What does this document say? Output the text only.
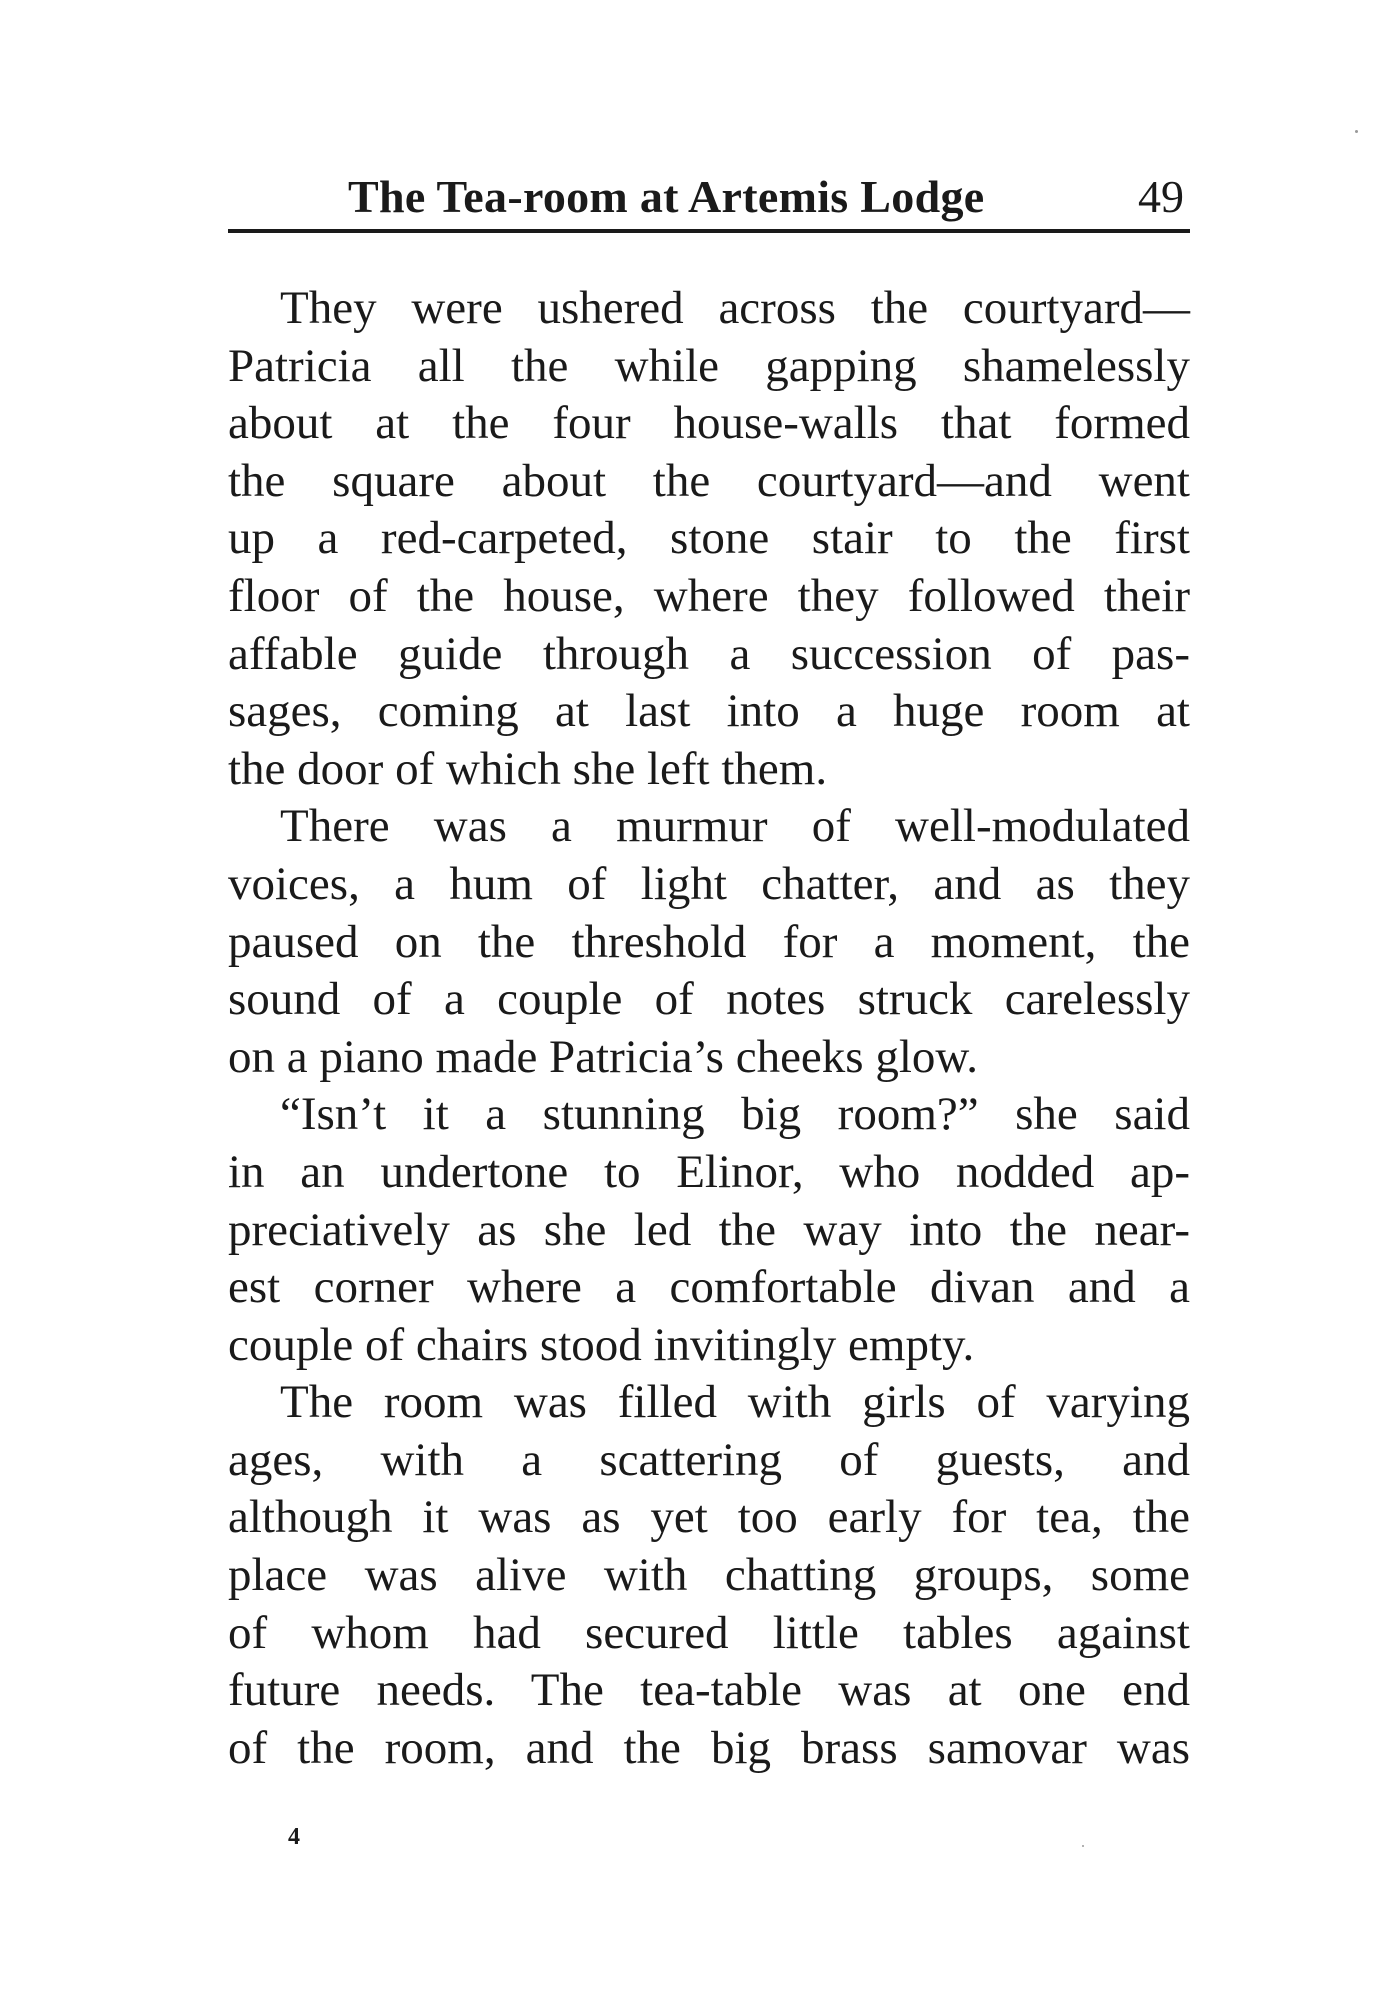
The Tea-room at Artemis Lodge	49
They were ushered across the courtyard—
Patricia all the while gapping shamelessly
about at the four house-walls that formed
the square about the courtyard—and went
up a red-carpeted, stone stair to the first
floor of the house, where they followed their
affable guide through a succession of pas-
sages, coming at last into a huge room at
the door of which she left them.
There was a murmur of well-modulated
voices, a hum of light chatter, and as they
paused on the threshold for a moment, the
sound of a couple of notes struck carelessly
on a piano made Patricia’s cheeks glow.
“Isn’t it a stunning big room?” she said
in an undertone to Elinor, who nodded ap-
preciatively as she led the way into the near-
est corner where a comfortable divan and a
couple of chairs stood invitingly empty.
The room was filled with girls of varying
ages, with a scattering of guests, and
although it was as yet too early for tea, the
place was alive with chatting groups, some
of whom had secured little tables against
future needs. The tea-table was at one end
of the room, and the big brass samovar was
4
